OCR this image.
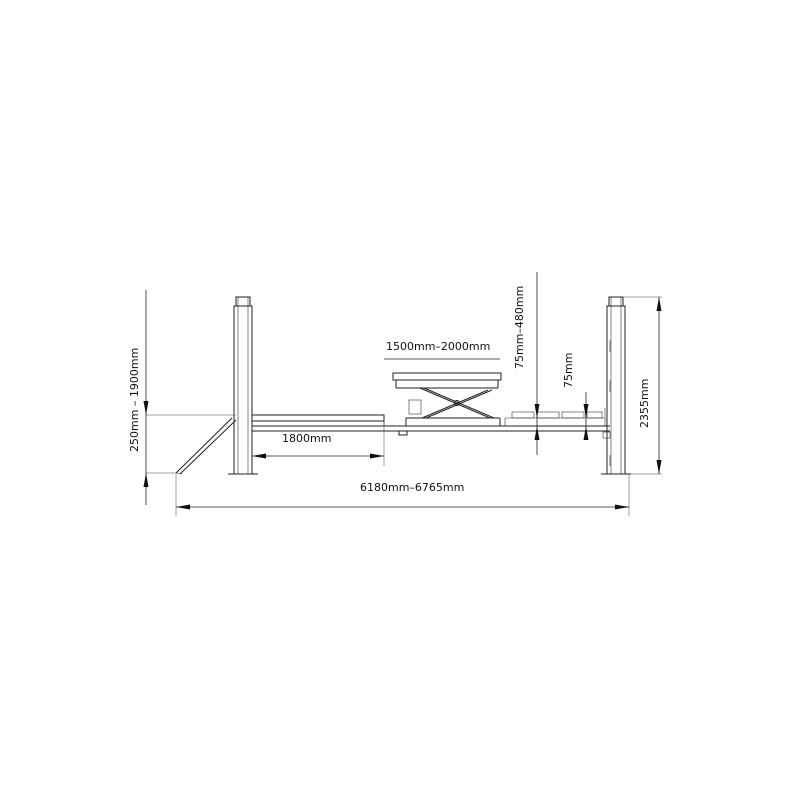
250mm – 1900mm	1800mm
1500mm–2000mm 75mm–480mm
75mm
2355mm
6180mm–6765mm
